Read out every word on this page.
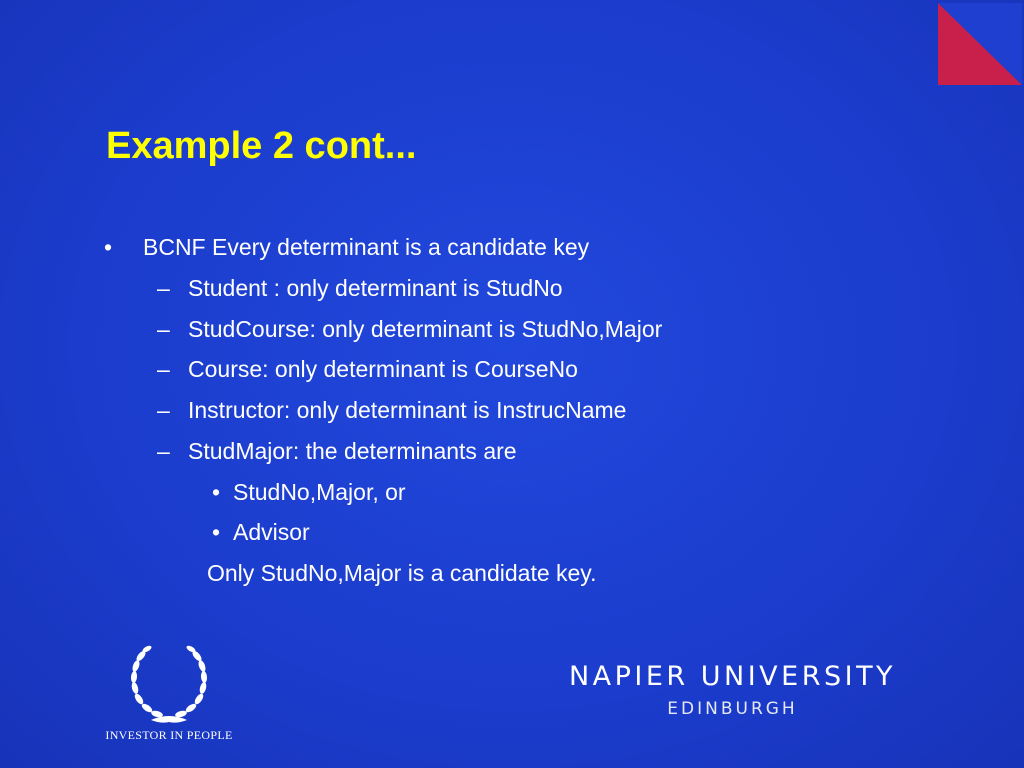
Example 2 cont...
• BCNF Every determinant is a candidate key
– Student : only determinant is StudNo
– StudCourse: only determinant is StudNo,Major
– Course: only determinant is CourseNo
– Instructor: only determinant is InstrucName
– StudMajor: the determinants are
• StudNo,Major, or
• Advisor
Only StudNo,Major is a candidate key.
INVESTOR IN PEOPLE
NAPIER UNIVERSITY
EDINBURGH
